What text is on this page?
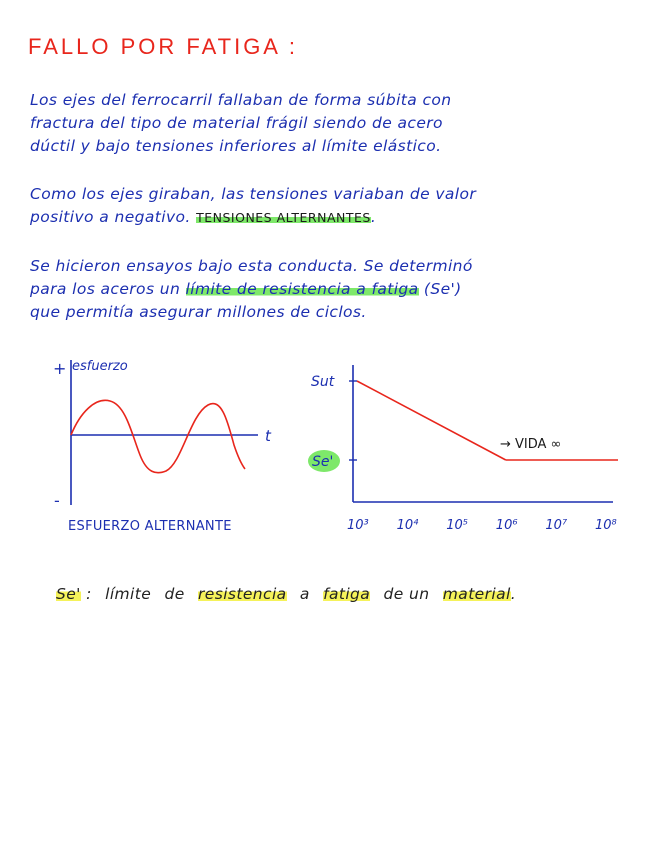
FALLO POR FATIGA :
Los ejes del ferrocarril fallaban de forma súbita con
fractura del tipo de material frágil siendo de acero
dúctil y bajo tensiones inferiores al límite elástico.
Como los ejes giraban, las tensiones variaban de valor
positivo a negativo. TENSIONES ALTERNANTES.
Se hicieron ensayos bajo esta conducta. Se determinó
para los aceros un límite de resistencia a fatiga (Se')
que permitía asegurar millones de ciclos.
+
-
esfuerzo
t
ESFUERZO ALTERNANTE
Sut
Se'
→ VIDA ∞
10³ 10⁴ 10⁵ 10⁶ 10⁷ 10⁸
Se' : límite de resistencia a fatiga de un material.
